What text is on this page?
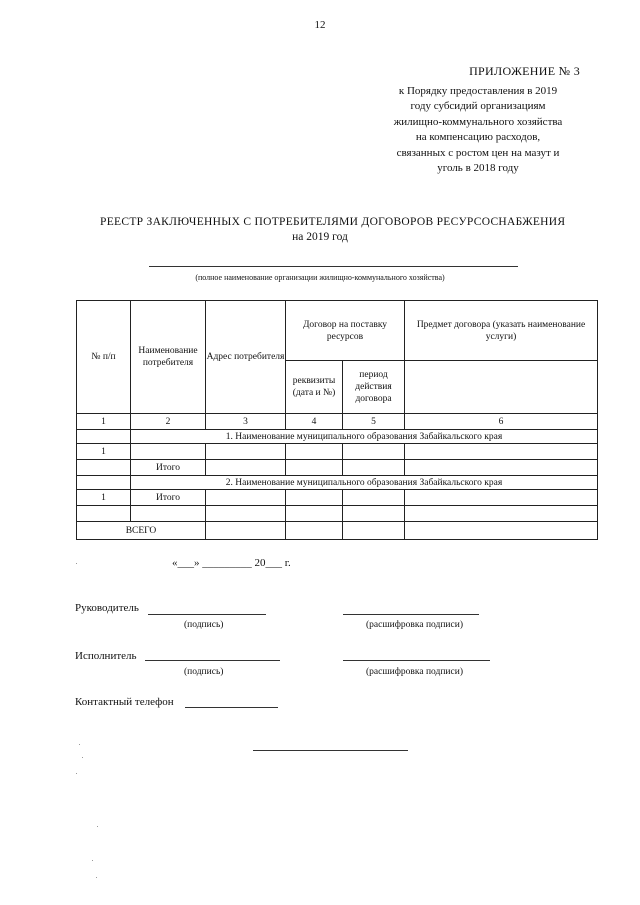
12
ПРИЛОЖЕНИЕ № 3
к Порядку предоставления в 2019
году субсидий организациям
жилищно-коммунального хозяйства
на компенсацию расходов,
связанных с ростом цен на мазут и
уголь в 2018 году
РЕЕСТР ЗАКЛЮЧЕННЫХ С ПОТРЕБИТЕЛЯМИ ДОГОВОРОВ РЕСУРСОСНАБЖЕНИЯ
на 2019 год
(полное наименование организации жилищно-коммунального хозяйства)
№ п/п	Наименование потребителя	Адрес потребителя	Договор на поставку ресурсов		Предмет договора (указать наименование услуги)
			реквизиты (дата и №)	период действия договора	
1	2	3	4	5	6
	1. Наименование муниципального образования Забайкальского края				
1					
	Итого				
	2. Наименование муниципального образования Забайкальского края				
1	Итого				

ВСЕГО					
«___» _________ 20___ г.
Руководитель
(подпись)	(расшифровка подписи)
Исполнитель
(подпись)	(расшифровка подписи)
Контактный телефон
